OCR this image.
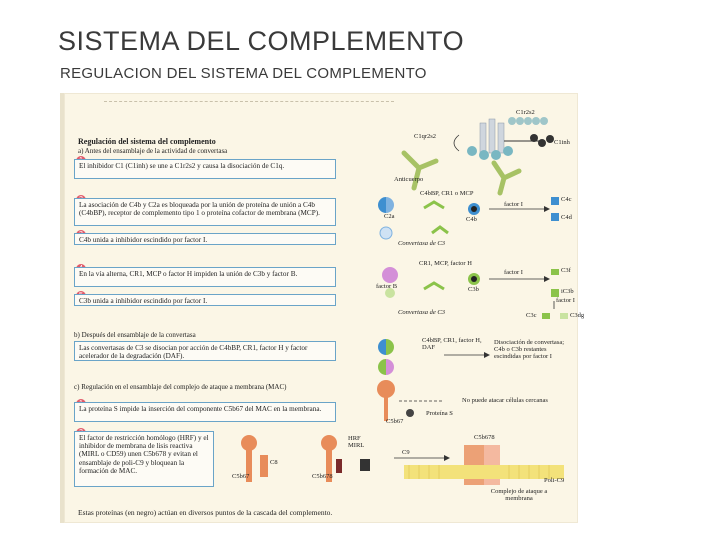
SISTEMA DEL COMPLEMENTO
REGULACION DEL SISTEMA DEL COMPLEMENTO
Regulación del sistema del complemento
a) Antes del ensamblaje de la actividad de convertasa
El inhibidor C1 (C1inh) se une a C1r2s2 y causa la disociación de C1q.
La asociación de C4b y C2a es bloqueada por la unión de proteína de unión a C4b (C4bBP), receptor de complemento tipo 1 o proteína cofactor de membrana (MCP).
C4b unida a inhibidor escindido por factor I.
En la vía alterna, CR1, MCP o factor H impiden la unión de C3b y factor B.
C3b unida a inhibidor escindido por factor I.
b) Después del ensamblaje de la convertasa
Las convertasas de C3 se disocian por acción de C4bBP, CR1, factor H y factor acelerador de la degradación (DAF).
c) Regulación en el ensamblaje del complejo de ataque a membrana (MAC)
La proteína S impide la inserción del componente C5b67 del MAC en la membrana.
El factor de restricción homólogo (HRF) y el inhibidor de membrana de lisis reactiva (MIRL o CD59) unen C5b678 y evitan el ensamblaje de poli-C9 y bloquean la formación de MAC.
C1r2s2
C1qr2s2
C1inh
Anticuerpo
C4bBP, CR1 o MCP
factor I
C4c
C4d
C2a	C4b
Convertasa de C3
CR1, MCP, factor H
factor I	C3f
iC3b
factor B	C3b
factor I
C3c	C3dg
Convertasa de C3
C4bBP, CR1, factor H, DAF
Disociación de convertasa; C4b o C3b restantes escindidas por factor I
No puede atacar células cercanas
Proteína S
C5b67
HRF MIRL
C5b678
C8
C9
C5b67	C5b678
Poli-C9
Complejo de ataque a membrana
Estas proteínas (en negro) actúan en diversos puntos de la cascada del complemento.
